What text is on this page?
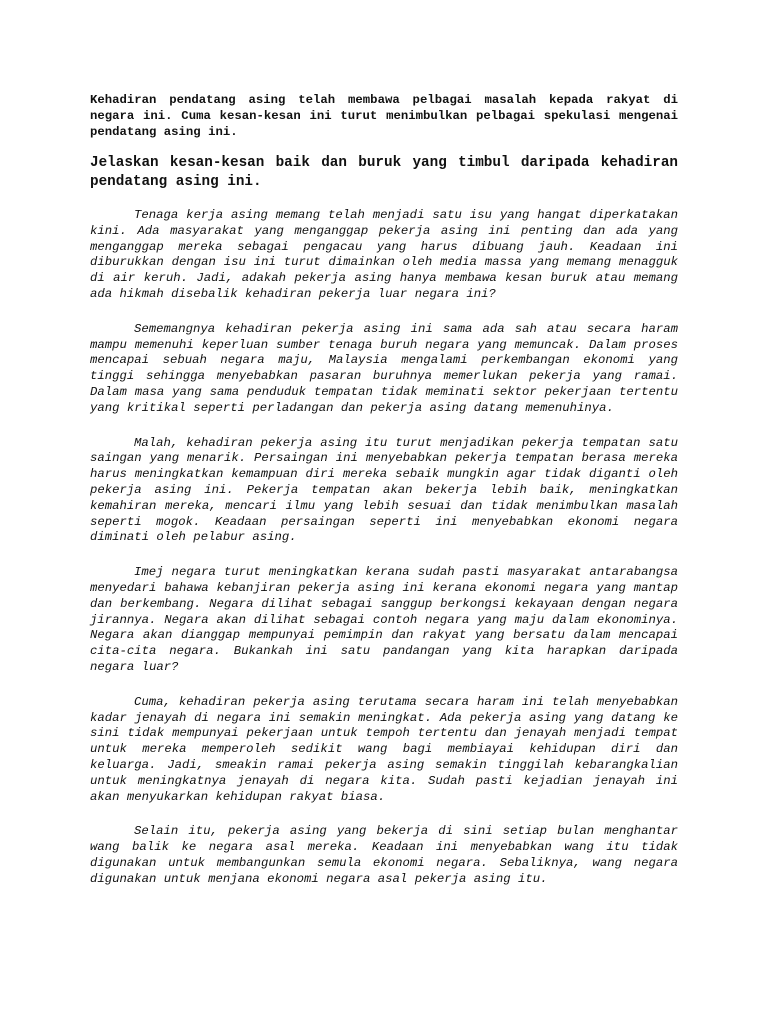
Kehadiran pendatang asing telah membawa pelbagai masalah kepada rakyat di negara ini. Cuma kesan-kesan ini turut menimbulkan pelbagai spekulasi mengenai pendatang asing ini.

Jelaskan kesan-kesan baik dan buruk yang timbul daripada kehadiran pendatang asing ini.

Tenaga kerja asing memang telah menjadi satu isu yang hangat diperkatakan kini. Ada masyarakat yang menganggap pekerja asing ini penting dan ada yang menganggap mereka sebagai pengacau yang harus dibuang jauh. Keadaan ini diburukkan dengan isu ini turut dimainkan oleh media massa yang memang menagguk di air keruh. Jadi, adakah pekerja asing hanya membawa kesan buruk atau memang ada hikmah disebalik kehadiran pekerja luar negara ini?

Sememangnya kehadiran pekerja asing ini sama ada sah atau secara haram mampu memenuhi keperluan sumber tenaga buruh negara yang memuncak. Dalam proses mencapai sebuah negara maju, Malaysia mengalami perkembangan ekonomi yang tinggi sehingga menyebabkan pasaran buruhnya memerlukan pekerja yang ramai. Dalam masa yang sama penduduk tempatan tidak meminati sektor pekerjaan tertentu yang kritikal seperti perladangan dan pekerja asing datang memenuhinya.

Malah, kehadiran pekerja asing itu turut menjadikan pekerja tempatan satu saingan yang menarik. Persaingan ini menyebabkan pekerja tempatan berasa mereka harus meningkatkan kemampuan diri mereka sebaik mungkin agar tidak diganti oleh pekerja asing ini. Pekerja tempatan akan bekerja lebih baik, meningkatkan kemahiran mereka, mencari ilmu yang lebih sesuai dan tidak menimbulkan masalah seperti mogok. Keadaan persaingan seperti ini menyebabkan ekonomi negara diminati oleh pelabur asing.

Imej negara turut meningkatkan kerana sudah pasti masyarakat antarabangsa menyedari bahawa kebanjiran pekerja asing ini kerana ekonomi negara yang mantap dan berkembang. Negara dilihat sebagai sanggup berkongsi kekayaan dengan negara jirannya. Negara akan dilihat sebagai contoh negara yang maju dalam ekonominya. Negara akan dianggap mempunyai pemimpin dan rakyat yang bersatu dalam mencapai cita-cita negara. Bukankah ini satu pandangan yang kita harapkan daripada negara luar?

Cuma, kehadiran pekerja asing terutama secara haram ini telah menyebabkan kadar jenayah di negara ini semakin meningkat. Ada pekerja asing yang datang ke sini tidak mempunyai pekerjaan untuk tempoh tertentu dan jenayah menjadi tempat untuk mereka memperoleh sedikit wang bagi membiayai kehidupan diri dan keluarga. Jadi, smeakin ramai pekerja asing semakin tinggilah kebarangkalian untuk meningkatnya jenayah di negara kita. Sudah pasti kejadian jenayah ini akan menyukarkan kehidupan rakyat biasa.

Selain itu, pekerja asing yang bekerja di sini setiap bulan menghantar wang balik ke negara asal mereka. Keadaan ini menyebabkan wang itu tidak digunakan untuk membangunkan semula ekonomi negara. Sebaliknya, wang negara digunakan untuk menjana ekonomi negara asal pekerja asing itu.
